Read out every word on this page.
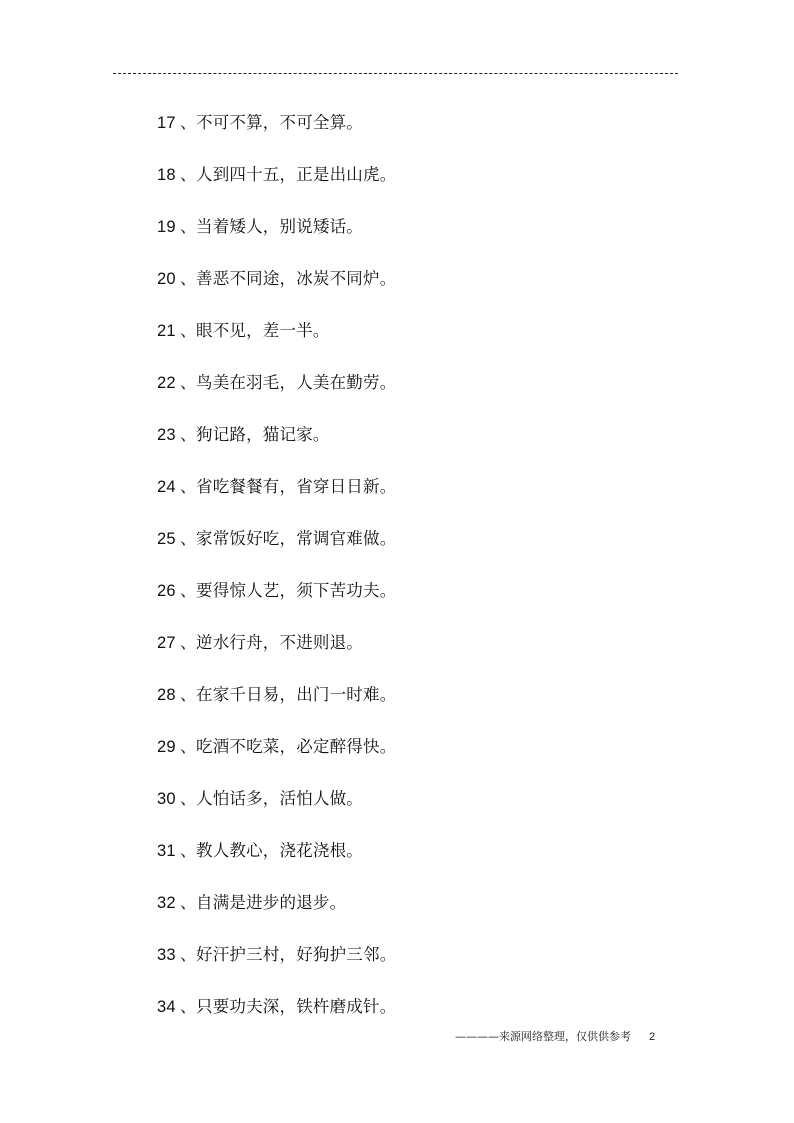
17 、不可不算，不可全算。
18 、人到四十五，正是出山虎。
19 、当着矮人，别说矮话。
20 、善恶不同途，冰炭不同炉。
21 、眼不见，差一半。
22 、鸟美在羽毛，人美在勤劳。
23 、狗记路，猫记家。
24 、省吃餐餐有，省穿日日新。
25 、家常饭好吃，常调官难做。
26 、要得惊人艺，须下苦功夫。
27 、逆水行舟，不进则退。
28 、在家千日易，出门一时难。
29 、吃酒不吃菜，必定醉得快。
30 、人怕话多，活怕人做。
31 、教人教心，浇花浇根。
32 、自满是进步的退步。
33 、好汗护三村，好狗护三邻。
34 、只要功夫深，铁杵磨成针。
————来源网络整理，仅供供参考 2
